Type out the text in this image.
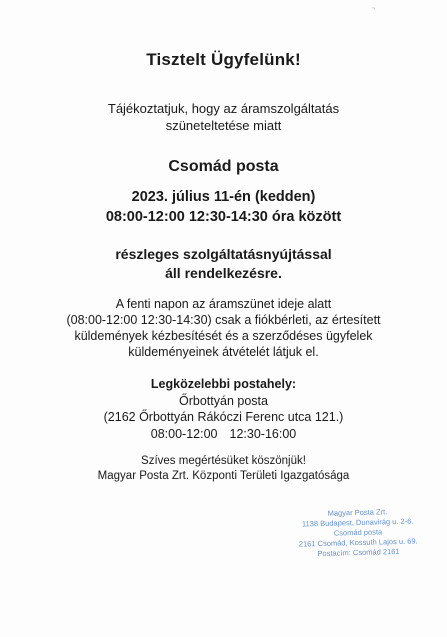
~
Tisztelt Ügyfelünk!
Tájékoztatjuk, hogy az áramszolgáltatás
szüneteltetése miatt
Csomád posta
2023. július 11-én (kedden)
08:00-12:00 12:30-14:30 óra között
részleges szolgáltatásnyújtással
áll rendelkezésre.
A fenti napon az áramszünet ideje alatt
(08:00-12:00 12:30-14:30) csak a fiókbérleti, az értesített
küldemények kézbesítését és a szerződéses ügyfelek
küldeményeinek átvételét látjuk el.
Legközelebbi postahely:
Őrbottyán posta
(2162 Őrbottyán Rákóczi Ferenc utca 121.)
08:00-12:00 12:30-16:00
Szíves megértésüket köszönjük!
Magyar Posta Zrt. Központi Területi Igazgatósága
Magyar Posta Zrt.
1138 Budapest, Dunavirág u. 2-6.
Csomád posta
2161 Csomád, Kossuth Lajos u. 69.
Postacím: Csomád 2161
